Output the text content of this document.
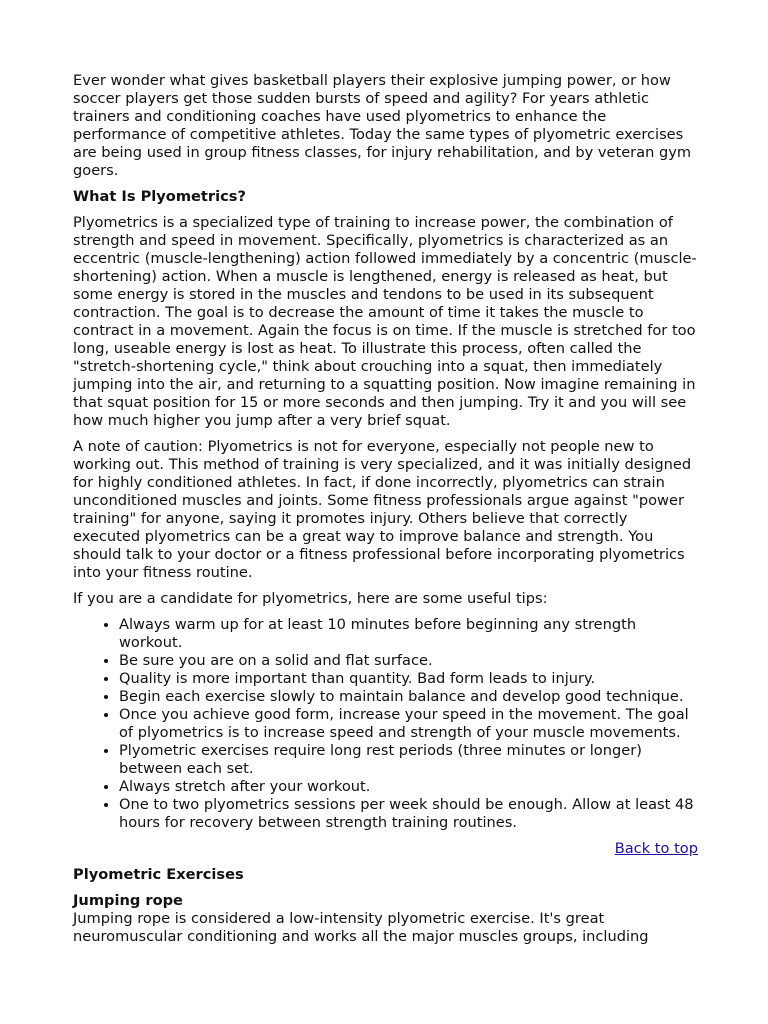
Ever wonder what gives basketball players their explosive jumping power, or how soccer players get those sudden bursts of speed and agility? For years athletic trainers and conditioning coaches have used plyometrics to enhance the performance of competitive athletes. Today the same types of plyometric exercises are being used in group fitness classes, for injury rehabilitation, and by veteran gym goers.

What Is Plyometrics?

Plyometrics is a specialized type of training to increase power, the combination of strength and speed in movement. Specifically, plyometrics is characterized as an eccentric (muscle-lengthening) action followed immediately by a concentric (muscle-shortening) action. When a muscle is lengthened, energy is released as heat, but some energy is stored in the muscles and tendons to be used in its subsequent contraction. The goal is to decrease the amount of time it takes the muscle to contract in a movement. Again the focus is on time. If the muscle is stretched for too long, useable energy is lost as heat. To illustrate this process, often called the "stretch-shortening cycle," think about crouching into a squat, then immediately jumping into the air, and returning to a squatting position. Now imagine remaining in that squat position for 15 or more seconds and then jumping. Try it and you will see how much higher you jump after a very brief squat.

A note of caution: Plyometrics is not for everyone, especially not people new to working out. This method of training is very specialized, and it was initially designed for highly conditioned athletes. In fact, if done incorrectly, plyometrics can strain unconditioned muscles and joints. Some fitness professionals argue against "power training" for anyone, saying it promotes injury. Others believe that correctly executed plyometrics can be a great way to improve balance and strength. You should talk to your doctor or a fitness professional before incorporating plyometrics into your fitness routine.

If you are a candidate for plyometrics, here are some useful tips:

• Always warm up for at least 10 minutes before beginning any strength workout.
• Be sure you are on a solid and flat surface.
• Quality is more important than quantity. Bad form leads to injury.
• Begin each exercise slowly to maintain balance and develop good technique.
• Once you achieve good form, increase your speed in the movement. The goal of plyometrics is to increase speed and strength of your muscle movements.
• Plyometric exercises require long rest periods (three minutes or longer) between each set.
• Always stretch after your workout.
• One to two plyometrics sessions per week should be enough. Allow at least 48 hours for recovery between strength training routines.
Back to top
Plyometric Exercises
Jumping rope

Jumping rope is considered a low-intensity plyometric exercise. It's great neuromuscular conditioning and works all the major muscles groups, including
